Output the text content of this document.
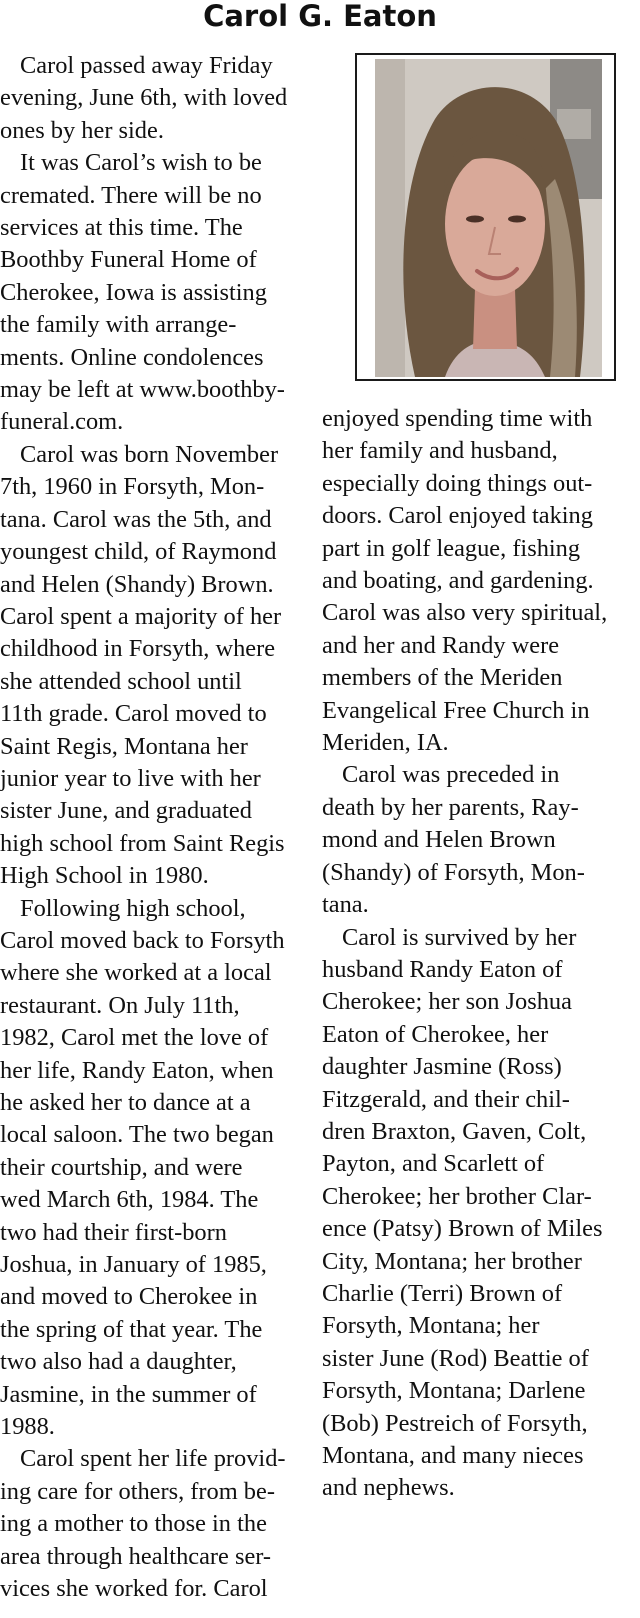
Carol G. Eaton
Carol passed away Friday
evening, June 6th, with loved
ones by her side.
It was Carol’s wish to be
cremated. There will be no
services at this time. The
Boothby Funeral Home of
Cherokee, Iowa is assisting
the family with arrange-
ments. Online condolences
may be left at www.boothby-
funeral.com.
Carol was born November
7th, 1960 in Forsyth, Mon-
tana. Carol was the 5th, and
youngest child, of Raymond
and Helen (Shandy) Brown.
Carol spent a majority of her
childhood in Forsyth, where
she attended school until
11th grade. Carol moved to
Saint Regis, Montana her
junior year to live with her
sister June, and graduated
high school from Saint Regis
High School in 1980.
Following high school,
Carol moved back to Forsyth
where she worked at a local
restaurant. On July 11th,
1982, Carol met the love of
her life, Randy Eaton, when
he asked her to dance at a
local saloon. The two began
their courtship, and were
wed March 6th, 1984. The
two had their first-born
Joshua, in January of 1985,
and moved to Cherokee in
the spring of that year. The
two also had a daughter,
Jasmine, in the summer of
1988.
Carol spent her life provid-
ing care for others, from be-
ing a mother to those in the
area through healthcare ser-
vices she worked for. Carol
enjoyed spending time with
her family and husband,
especially doing things out-
doors. Carol enjoyed taking
part in golf league, fishing
and boating, and gardening.
Carol was also very spiritual,
and her and Randy were
members of the Meriden
Evangelical Free Church in
Meriden, IA.
Carol was preceded in
death by her parents, Ray-
mond and Helen Brown
(Shandy) of Forsyth, Mon-
tana.
Carol is survived by her
husband Randy Eaton of
Cherokee; her son Joshua
Eaton of Cherokee, her
daughter Jasmine (Ross)
Fitzgerald, and their chil-
dren Braxton, Gaven, Colt,
Payton, and Scarlett of
Cherokee; her brother Clar-
ence (Patsy) Brown of Miles
City, Montana; her brother
Charlie (Terri) Brown of
Forsyth, Montana; her
sister June (Rod) Beattie of
Forsyth, Montana; Darlene
(Bob) Pestreich of Forsyth,
Montana, and many nieces
and nephews.
